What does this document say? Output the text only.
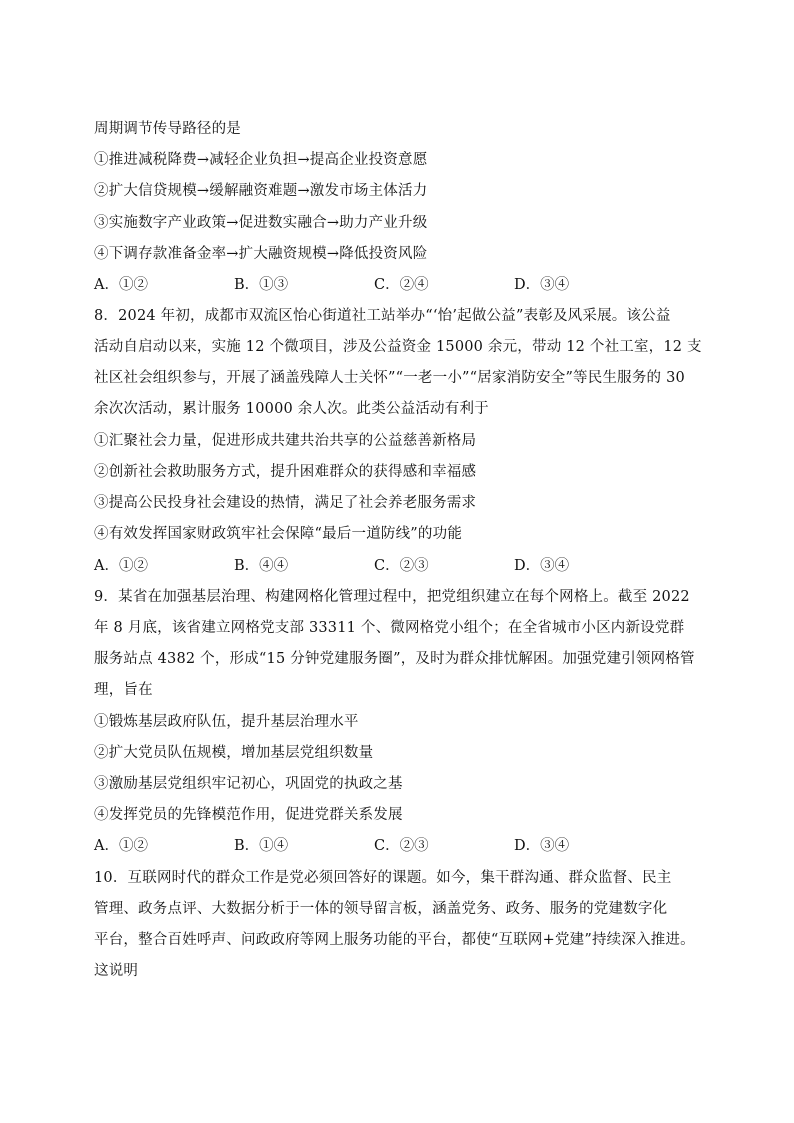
周期调节传导路径的是
①推进减税降费→减轻企业负担→提高企业投资意愿
②扩大信贷规模→缓解融资难题→激发市场主体活力
③实施数字产业政策→促进数实融合→助力产业升级
④下调存款准备金率→扩大融资规模→降低投资风险
A．①②	B．①③	C．②④	D．③④
8．2024 年初，成都市双流区怡心街道社工站举办“‘怡’起做公益”表彰及风采展。该公益
活动自启动以来，实施 12 个微项目，涉及公益资金 15000 余元，带动 12 个社工室，12 支
社区社会组织参与，开展了涵盖残障人士关怀”“一老一小”“居家消防安全”等民生服务的 30
余次次活动，累计服务 10000 余人次。此类公益活动有利于
①汇聚社会力量，促进形成共建共治共享的公益慈善新格局
②创新社会救助服务方式，提升困难群众的获得感和幸福感
③提高公民投身社会建设的热情，满足了社会养老服务需求
④有效发挥国家财政筑牢社会保障“最后一道防线”的功能
A．①②	B．④④	C．②③	D．③④
9．某省在加强基层治理、构建网格化管理过程中，把党组织建立在每个网格上。截至 2022
年 8 月底，该省建立网格党支部 33311 个、微网格党小组个；在全省城市小区内新设党群
服务站点 4382 个，形成“15 分钟党建服务圈”，及时为群众排忧解困。加强党建引领网格管
理，旨在
①锻炼基层政府队伍，提升基层治理水平
②扩大党员队伍规模，增加基层党组织数量
③激励基层党组织牢记初心，巩固党的执政之基
④发挥党员的先锋模范作用，促进党群关系发展
A．①②	B．①④	C．②③	D．③④
10．互联网时代的群众工作是党必须回答好的课题。如今，集干群沟通、群众监督、民主
管理、政务点评、大数据分析于一体的领导留言板，涵盖党务、政务、服务的党建数字化
平台，整合百姓呼声、问政政府等网上服务功能的平台，都使“互联网+党建”持续深入推进。
这说明
